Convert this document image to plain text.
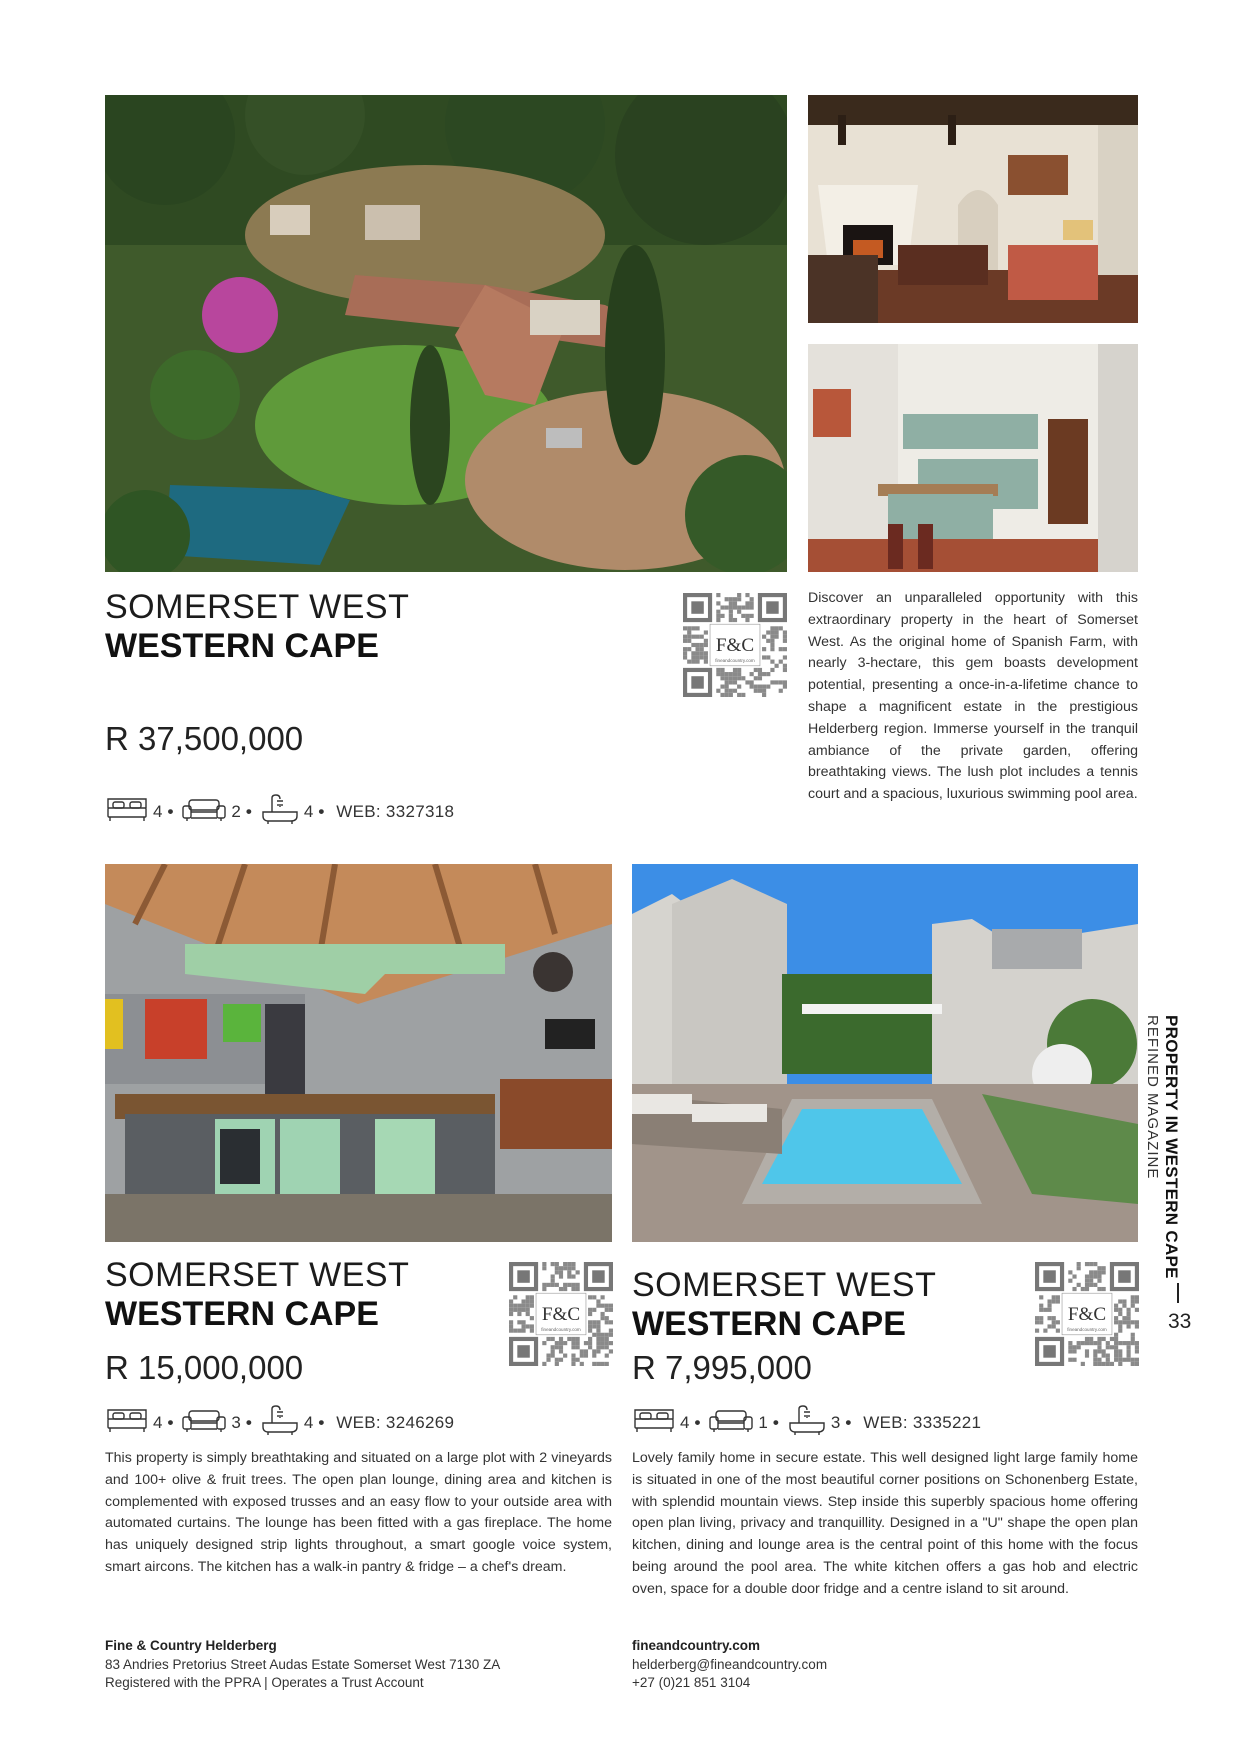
SOMERSET WEST
WESTERN CAPE
R 37,500,000
4 •	2 •	4 • WEB: 3327318
F&C
fineandcountry.com
Discover an unparalleled opportunity with this extraordinary property in the heart of Somerset West. As the original home of Spanish Farm, with nearly 3-hectare, this gem boasts development potential, presenting a once-in-a-lifetime chance to shape a magnificent estate in the prestigious Helderberg region. Immerse yourself in the tranquil ambiance of the private garden, offering breathtaking views. The lush plot includes a tennis court and a spacious, luxurious swimming pool area.
SOMERSET WEST
WESTERN CAPE
R 15,000,000
4 •	3 •	4 • WEB: 3246269
F&C
fineandcountry.com
This property is simply breathtaking and situated on a large plot with 2 vineyards and 100+ olive & fruit trees. The open plan lounge, dining area and kitchen is complemented with exposed trusses and an easy flow to your outside area with automated curtains. The lounge has been fitted with a gas fireplace. The home has uniquely designed strip lights throughout, a smart google voice system, smart aircons. The kitchen has a walk-in pantry & fridge – a chef's dream.
SOMERSET WEST
WESTERN CAPE
R 7,995,000
4 •	1 •	3 • WEB: 3335221
F&C
fineandcountry.com
Lovely family home in secure estate. This well designed light large family home is situated in one of the most beautiful corner positions on Schonenberg Estate, with splendid mountain views. Step inside this superbly spacious home offering open plan living, privacy and tranquillity. Designed in a "U" shape the open plan kitchen, dining and lounge area is the central point of this home with the focus being around the pool area. The white kitchen offers a gas hob and electric oven, space for a double door fridge and a centre island to sit around.
Fine & Country Helderberg
83 Andries Pretorius Street Audas Estate Somerset West 7130 ZA
Registered with the PPRA | Operates a Trust Account
fineandcountry.com
helderberg@fineandcountry.com
+27 (0)21 851 3104
PROPERTY IN WESTERN CAPE
REFINED MAGAZINE
33
